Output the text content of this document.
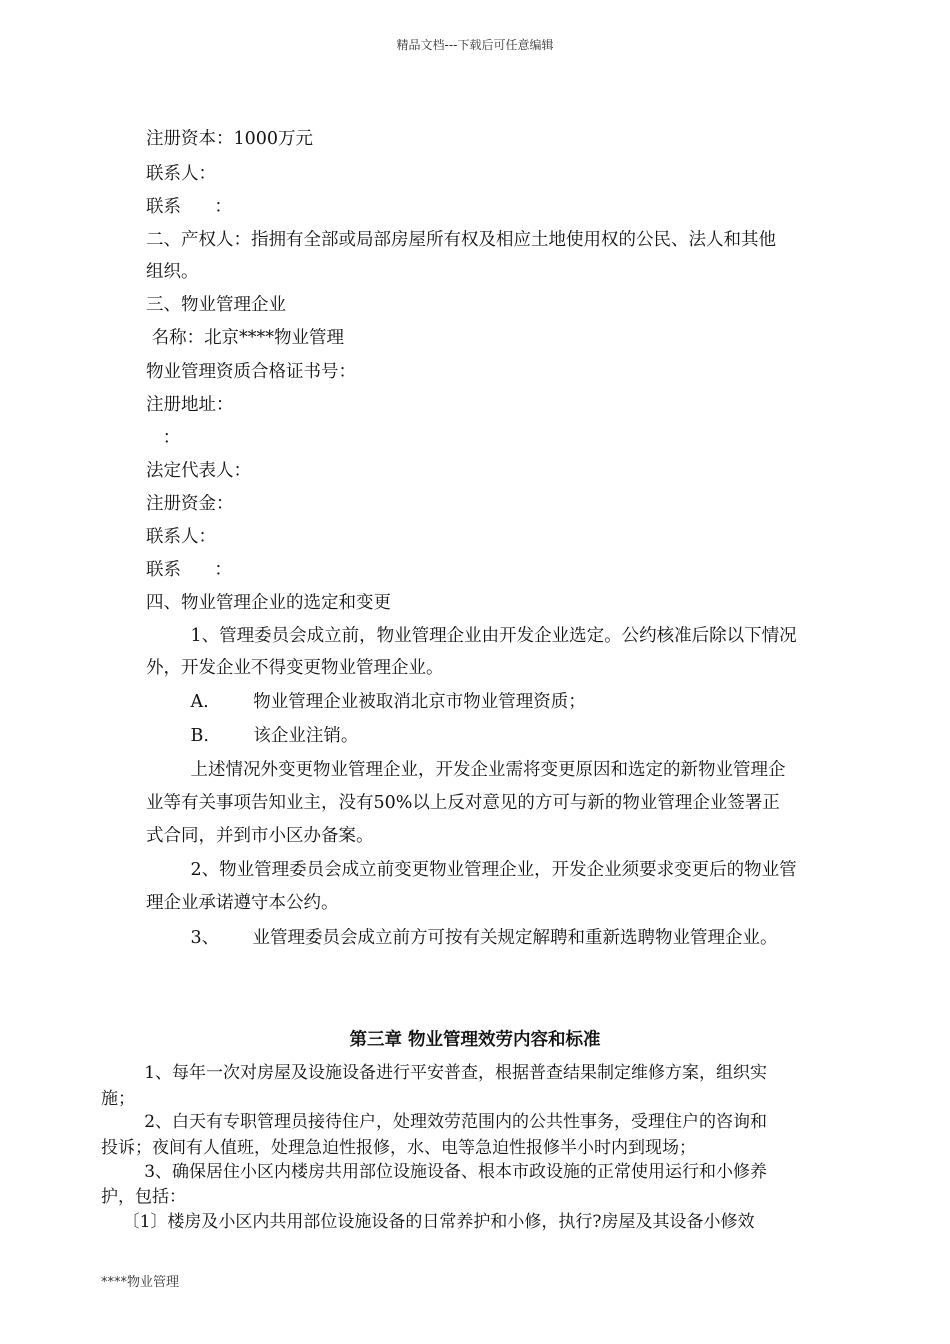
精品文档---下载后可任意编辑
注册资本：1000万元
联系人：
联系      ：
二、产权人：指拥有全部或局部房屋所有权及相应土地使用权的公民、法人和其他
组织。
三、物业管理企业
名称：北京****物业管理
物业管理资质合格证书号：
注册地址：
：
法定代表人：
注册资金：
联系人：
联系      ：
四、物业管理企业的选定和变更
1、管理委员会成立前，物业管理企业由开发企业选定。公约核准后除以下情况
外，开发企业不得变更物业管理企业。
A.        物业管理企业被取消北京市物业管理资质；
B.        该企业注销。
上述情况外变更物业管理企业，开发企业需将变更原因和选定的新物业管理企
业等有关事项告知业主，没有50%以上反对意见的方可与新的物业管理企业签署正
式合同，并到市小区办备案。
2、物业管理委员会成立前变更物业管理企业，开发企业须要求变更后的物业管
理企业承诺遵守本公约。
3、      业管理委员会成立前方可按有关规定解聘和重新选聘物业管理企业。
第三章 物业管理效劳内容和标准
1、每年一次对房屋及设施设备进行平安普查，根据普查结果制定维修方案，组织实
施；
2、白天有专职管理员接待住户，处理效劳范围内的公共性事务，受理住户的咨询和
投诉；夜间有人值班，处理急迫性报修，水、电等急迫性报修半小时内到现场；
3、确保居住小区内楼房共用部位设施设备、根本市政设施的正常使用运行和小修养
护，包括：
〔1〕楼房及小区内共用部位设施设备的日常养护和小修，执行?房屋及其设备小修效
****物业管理
